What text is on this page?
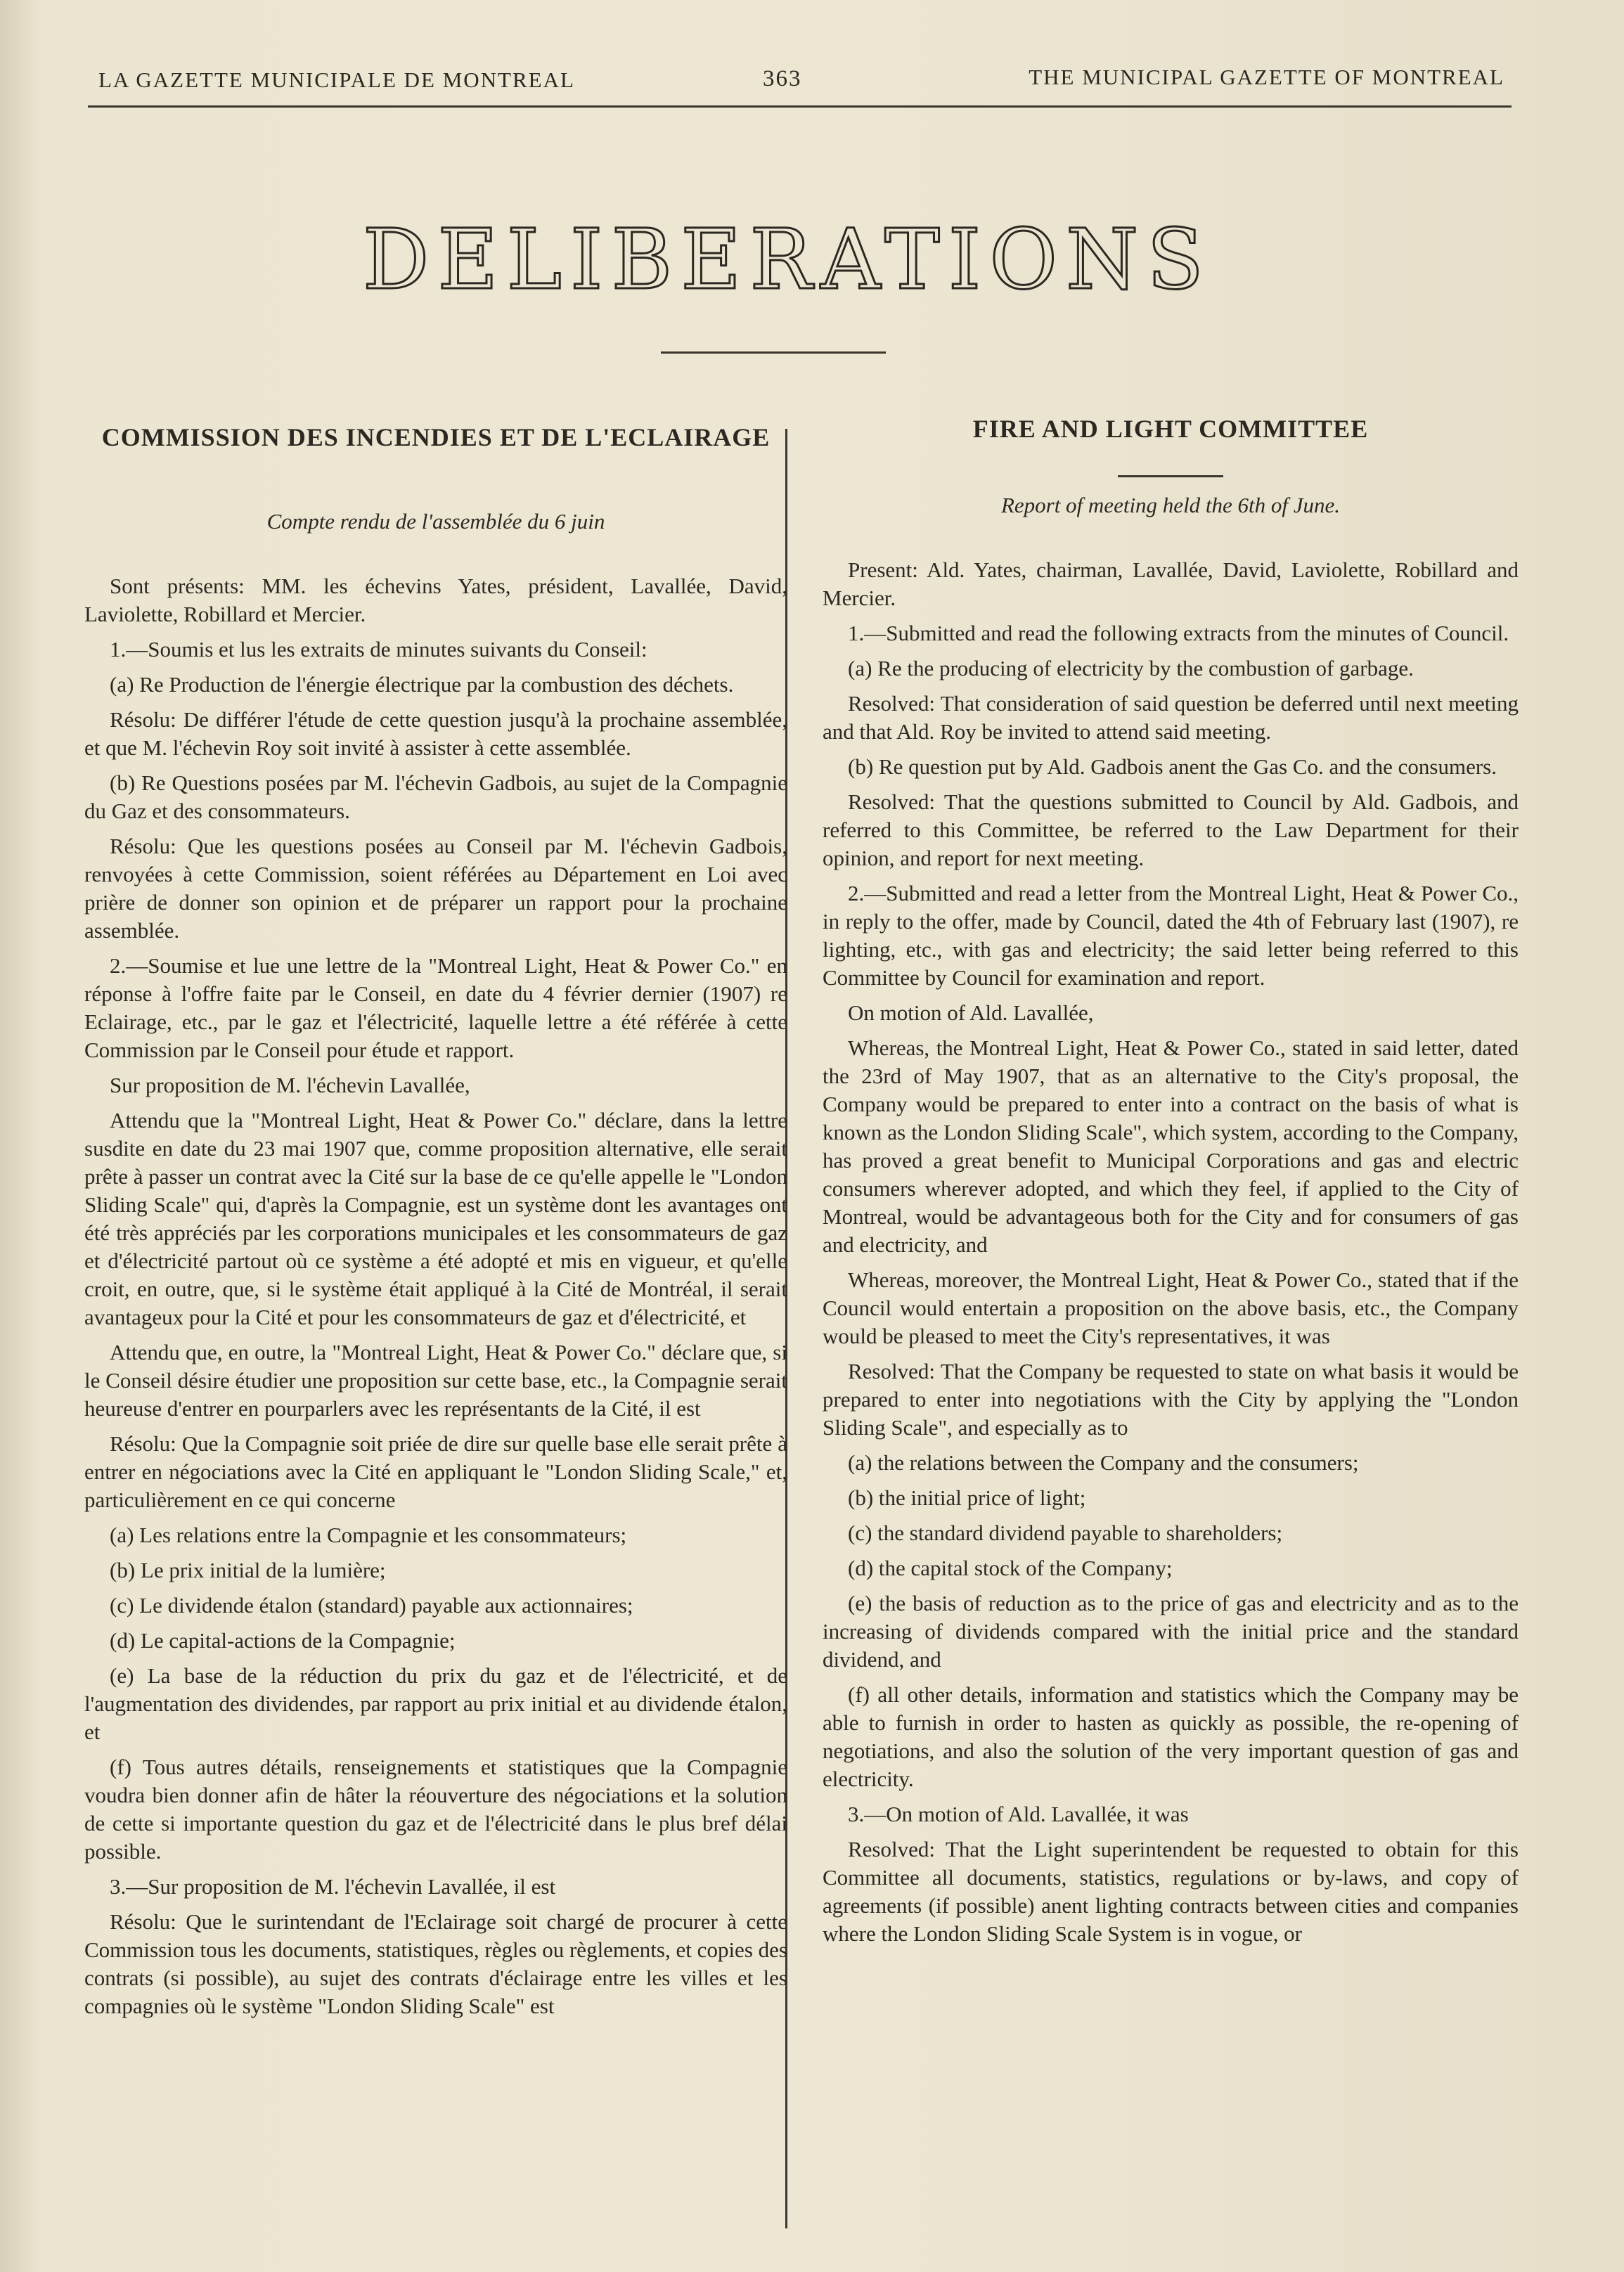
LA GAZETTE MUNICIPALE DE MONTREAL	363	THE MUNICIPAL GAZETTE OF MONTREAL
DELIBERATIONS
COMMISSION DES INCENDIES ET DE L'ECLAIRAGE
Compte rendu de l'assemblée du 6 juin

Sont présents: MM. les échevins Yates, président, Lavallée, David, Laviolette, Robillard et Mercier.

1.—Soumis et lus les extraits de minutes suivants du Conseil:

(a) Re Production de l'énergie électrique par la combustion des déchets.

Résolu: De différer l'étude de cette question jusqu'à la prochaine assemblée, et que M. l'échevin Roy soit invité à assister à cette assemblée.

(b) Re Questions posées par M. l'échevin Gadbois, au sujet de la Compagnie du Gaz et des consommateurs.

Résolu: Que les questions posées au Conseil par M. l'échevin Gadbois, renvoyées à cette Commission, soient référées au Département en Loi avec prière de donner son opinion et de préparer un rapport pour la prochaine assemblée.

2.—Soumise et lue une lettre de la "Montreal Light, Heat & Power Co." en réponse à l'offre faite par le Conseil, en date du 4 février dernier (1907) re Eclairage, etc., par le gaz et l'électricité, laquelle lettre a été référée à cette Commission par le Conseil pour étude et rapport.

Sur proposition de M. l'échevin Lavallée,

Attendu que la "Montreal Light, Heat & Power Co." déclare, dans la lettre susdite en date du 23 mai 1907 que, comme proposition alternative, elle serait prête à passer un contrat avec la Cité sur la base de ce qu'elle appelle le "London Sliding Scale" qui, d'après la Compagnie, est un système dont les avantages ont été très appréciés par les corporations municipales et les consommateurs de gaz et d'électricité partout où ce système a été adopté et mis en vigueur, et qu'elle croit, en outre, que, si le système était appliqué à la Cité de Montréal, il serait avantageux pour la Cité et pour les consommateurs de gaz et d'électricité, et

Attendu que, en outre, la "Montreal Light, Heat & Power Co." déclare que, si le Conseil désire étudier une proposition sur cette base, etc., la Compagnie serait heureuse d'entrer en pourparlers avec les représentants de la Cité, il est

Résolu: Que la Compagnie soit priée de dire sur quelle base elle serait prête à entrer en négociations avec la Cité en appliquant le "London Sliding Scale," et, particulièrement en ce qui concerne

(a) Les relations entre la Compagnie et les consommateurs;

(b) Le prix initial de la lumière;

(c) Le dividende étalon (standard) payable aux actionnaires;

(d) Le capital-actions de la Compagnie;

(e) La base de la réduction du prix du gaz et de l'électricité, et de l'augmentation des dividendes, par rapport au prix initial et au dividende étalon, et

(f) Tous autres détails, renseignements et statistiques que la Compagnie voudra bien donner afin de hâter la réouverture des négociations et la solution de cette si importante question du gaz et de l'électricité dans le plus bref délai possible.

3.—Sur proposition de M. l'échevin Lavallée, il est

Résolu: Que le surintendant de l'Eclairage soit chargé de procurer à cette Commission tous les documents, statistiques, règles ou règlements, et copies des contrats (si possible), au sujet des contrats d'éclairage entre les villes et les compagnies où le système "London Sliding Scale" est

FIRE AND LIGHT COMMITTEE
Report of meeting held the 6th of June.

Present: Ald. Yates, chairman, Lavallée, David, Laviolette, Robillard and Mercier.

1.—Submitted and read the following extracts from the minutes of Council.

(a) Re the producing of electricity by the combustion of garbage.

Resolved: That consideration of said question be deferred until next meeting and that Ald. Roy be invited to attend said meeting.

(b) Re question put by Ald. Gadbois anent the Gas Co. and the consumers.

Resolved: That the questions submitted to Council by Ald. Gadbois, and referred to this Committee, be referred to the Law Department for their opinion, and report for next meeting.

2.—Submitted and read a letter from the Montreal Light, Heat & Power Co., in reply to the offer, made by Council, dated the 4th of February last (1907), re lighting, etc., with gas and electricity; the said letter being referred to this Committee by Council for examination and report.

On motion of Ald. Lavallée,

Whereas, the Montreal Light, Heat & Power Co., stated in said letter, dated the 23rd of May 1907, that as an alternative to the City's proposal, the Company would be prepared to enter into a contract on the basis of what is known as the London Sliding Scale", which system, according to the Company, has proved a great benefit to Municipal Corporations and gas and electric consumers wherever adopted, and which they feel, if applied to the City of Montreal, would be advantageous both for the City and for consumers of gas and electricity, and

Whereas, moreover, the Montreal Light, Heat & Power Co., stated that if the Council would entertain a proposition on the above basis, etc., the Company would be pleased to meet the City's representatives, it was

Resolved: That the Company be requested to state on what basis it would be prepared to enter into negotiations with the City by applying the "London Sliding Scale", and especially as to

(a) the relations between the Company and the consumers;

(b) the initial price of light;

(c) the standard dividend payable to shareholders;

(d) the capital stock of the Company;

(e) the basis of reduction as to the price of gas and electricity and as to the increasing of dividends compared with the initial price and the standard dividend, and

(f) all other details, information and statistics which the Company may be able to furnish in order to hasten as quickly as possible, the re-opening of negotiations, and also the solution of the very important question of gas and electricity.

3.—On motion of Ald. Lavallée, it was

Resolved: That the Light superintendent be requested to obtain for this Committee all documents, statistics, regulations or by-laws, and copy of agreements (if possible) anent lighting contracts between cities and companies where the London Sliding Scale System is in vogue, or
